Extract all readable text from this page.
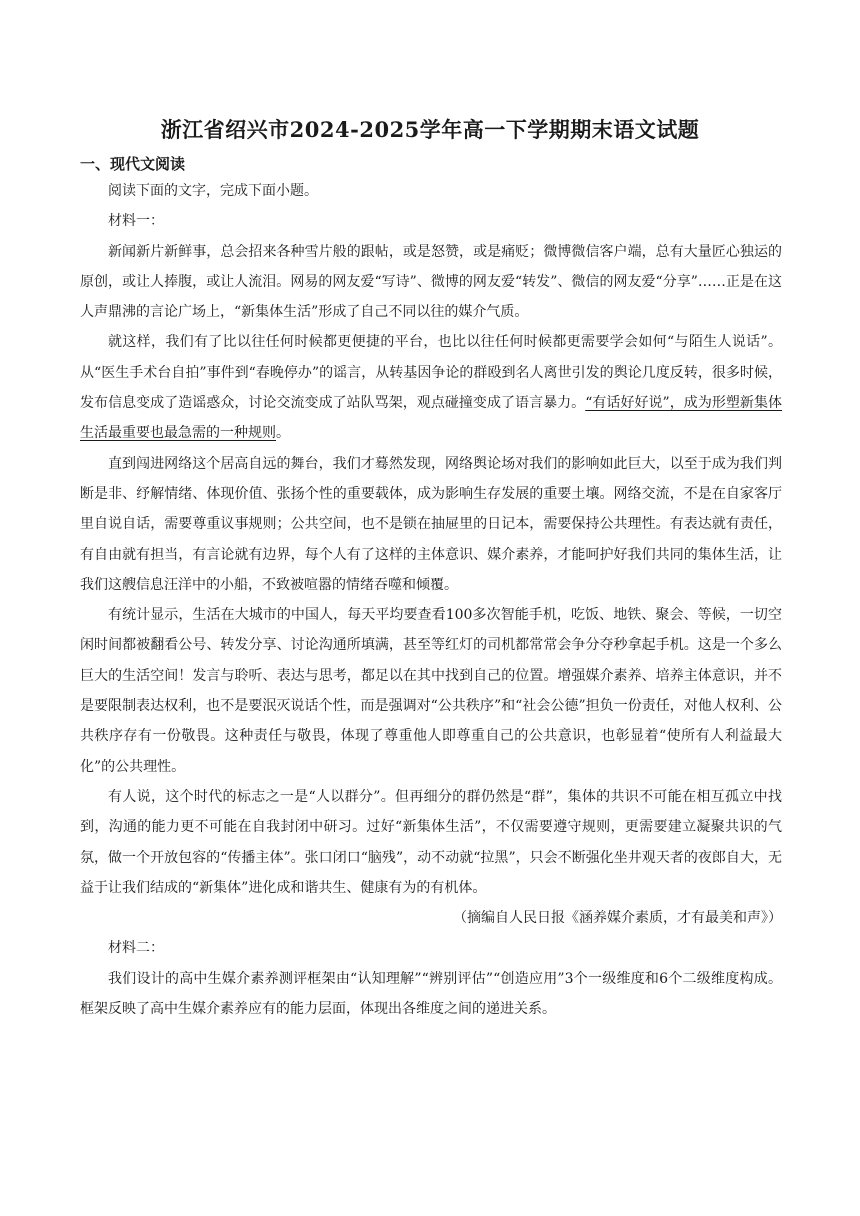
浙江省绍兴市2024-2025学年高一下学期期末语文试题
一、现代文阅读

阅读下面的文字，完成下面小题。

材料一：

新闻新片新鲜事，总会招来各种雪片般的跟帖，或是怒赞，或是痛贬；微博微信客户端，总有大量匠心独运的原创，或让人捧腹，或让人流泪。网易的网友爱“写诗”、微博的网友爱“转发”、微信的网友爱“分享”……正是在这人声鼎沸的言论广场上，“新集体生活”形成了自己不同以往的媒介气质。

就这样，我们有了比以往任何时候都更便捷的平台，也比以往任何时候都更需要学会如何“与陌生人说话”。从“医生手术台自拍”事件到“春晚停办”的谣言，从转基因争论的群殴到名人离世引发的舆论几度反转，很多时候，发布信息变成了造谣惑众，讨论交流变成了站队骂架，观点碰撞变成了语言暴力。“有话好好说”，成为形塑新集体生活最重要也最急需的一种规则。

直到闯进网络这个居高自远的舞台，我们才蓦然发现，网络舆论场对我们的影响如此巨大，以至于成为我们判断是非、纾解情绪、体现价值、张扬个性的重要载体，成为影响生存发展的重要土壤。网络交流，不是在自家客厅里自说自话，需要尊重议事规则；公共空间，也不是锁在抽屉里的日记本，需要保持公共理性。有表达就有责任，有自由就有担当，有言论就有边界，每个人有了这样的主体意识、媒介素养，才能呵护好我们共同的集体生活，让我们这艘信息汪洋中的小船，不致被喧嚣的情绪吞噬和倾覆。

有统计显示，生活在大城市的中国人，每天平均要查看100多次智能手机，吃饭、地铁、聚会、等候，一切空闲时间都被翻看公号、转发分享、讨论沟通所填满，甚至等红灯的司机都常常会争分夺秒拿起手机。这是一个多么巨大的生活空间！发言与聆听、表达与思考，都足以在其中找到自己的位置。增强媒介素养、培养主体意识，并不是要限制表达权利，也不是要泯灭说话个性，而是强调对“公共秩序”和“社会公德”担负一份责任，对他人权利、公共秩序存有一份敬畏。这种责任与敬畏，体现了尊重他人即尊重自己的公共意识，也彰显着“使所有人利益最大化”的公共理性。

有人说，这个时代的标志之一是“人以群分”。但再细分的群仍然是“群”，集体的共识不可能在相互孤立中找到，沟通的能力更不可能在自我封闭中研习。过好“新集体生活”，不仅需要遵守规则，更需要建立凝聚共识的气氛，做一个开放包容的“传播主体”。张口闭口“脑残”，动不动就“拉黑”，只会不断强化坐井观天者的夜郎自大，无益于让我们结成的“新集体”进化成和谐共生、健康有为的有机体。

（摘编自人民日报《涵养媒介素质，才有最美和声》）

材料二：

我们设计的高中生媒介素养测评框架由“认知理解”“辨别评估”“创造应用”3个一级维度和6个二级维度构成。框架反映了高中生媒介素养应有的能力层面，体现出各维度之间的递进关系。
